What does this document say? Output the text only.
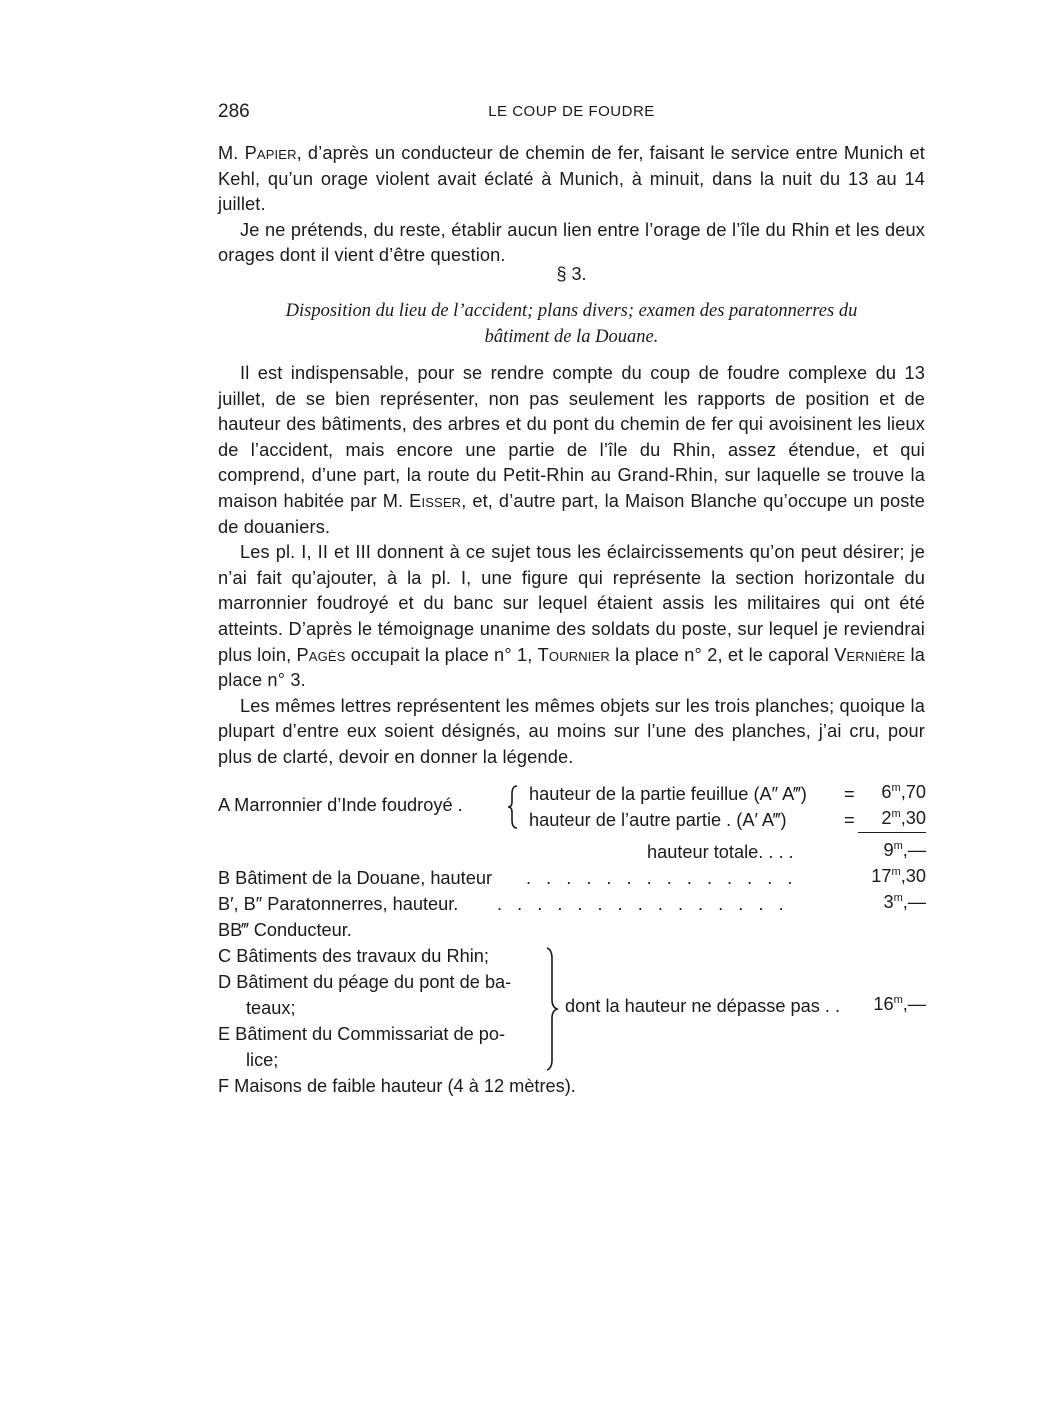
286	LE COUP DE FOUDRE

M. Papier, d’après un conducteur de chemin de fer, faisant le service entre Munich et Kehl, qu’un orage violent avait éclaté à Munich, à minuit, dans la nuit du 13 au 14 juillet.

Je ne prétends, du reste, établir aucun lien entre l’orage de l’île du Rhin et les deux orages dont il vient d’être question.

§ 3.
Disposition du lieu de l’accident; plans divers; examen des paratonnerres du
bâtiment de la Douane.

Il est indispensable, pour se rendre compte du coup de foudre complexe du 13 juillet, de se bien représenter, non pas seulement les rapports de position et de hauteur des bâtiments, des arbres et du pont du chemin de fer qui avoisinent les lieux de l’accident, mais encore une partie de l’île du Rhin, assez étendue, et qui comprend, d’une part, la route du Petit-Rhin au Grand-Rhin, sur laquelle se trouve la maison habitée par M. Eisser, et, d’autre part, la Maison Blanche qu’occupe un poste de douaniers.

Les pl. I, II et III donnent à ce sujet tous les éclaircissements qu’on peut désirer; je n’ai fait qu’ajouter, à la pl. I, une figure qui représente la section horizontale du marronnier foudroyé et du banc sur lequel étaient assis les militaires qui ont été atteints. D’après le témoignage unanime des soldats du poste, sur lequel je reviendrai plus loin, Pagès occupait la place n° 1, Tournier la place n° 2, et le caporal Vernière la place n° 3.

Les mêmes lettres représentent les mêmes objets sur les trois planches; quoique la plupart d’entre eux soient désignés, au moins sur l’une des planches, j’ai cru, pour plus de clarté, devoir en donner la légende.

A Marronnier d’Inde foudroyé .
hauteur de la partie feuillue (A″ A‴) = $6^m,70$
hauteur de l’autre partie . (A′ A‴)	= $2^m,30$
hauteur totale. . . .	9$^m$,—
B Bâtiment de la Douane, hauteur . . . . . . . . . . . . . .	17$^m$,30
B′, B″ Paratonnerres, hauteur. . . . . . . . . . . . . . . .	3$^m$,—
BB‴ Conducteur.
C Bâtiments des travaux du Rhin;
D Bâtiment du péage du pont de ba-
teaux;
E Bâtiment du Commissariat de po-
lice;
dont la hauteur ne dépasse pas . . 16$^m$,—
F Maisons de faible hauteur (4 à 12 mètres).
